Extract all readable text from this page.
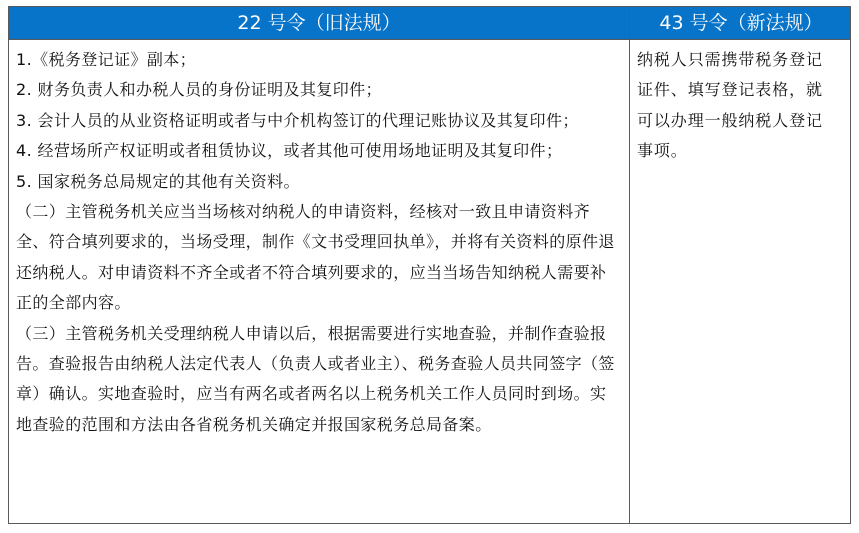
22 号令（旧法规）	43 号令（新法规）

1.《税务登记证》副本；

2. 财务负责人和办税人员的身份证明及其复印件；

3. 会计人员的从业资格证明或者与中介机构签订的代理记账协议及其复印件；

4. 经营场所产权证明或者租赁协议，或者其他可使用场地证明及其复印件；

5. 国家税务总局规定的其他有关资料。

（二）主管税务机关应当当场核对纳税人的申请资料，经核对一致且申请资料齐全、符合填列要求的，当场受理，制作《文书受理回执单》，并将有关资料的原件退还纳税人。对申请资料不齐全或者不符合填列要求的，应当当场告知纳税人需要补正的全部内容。

（三）主管税务机关受理纳税人申请以后，根据需要进行实地查验，并制作查验报告。查验报告由纳税人法定代表人（负责人或者业主）、税务查验人员共同签字（签章）确认。实地查验时，应当有两名或者两名以上税务机关工作人员同时到场。实地查验的范围和方法由各省税务机关确定并报国家税务总局备案。

纳税人只需携带税务登记证件、填写登记表格，就可以办理一般纳税人登记事项。
